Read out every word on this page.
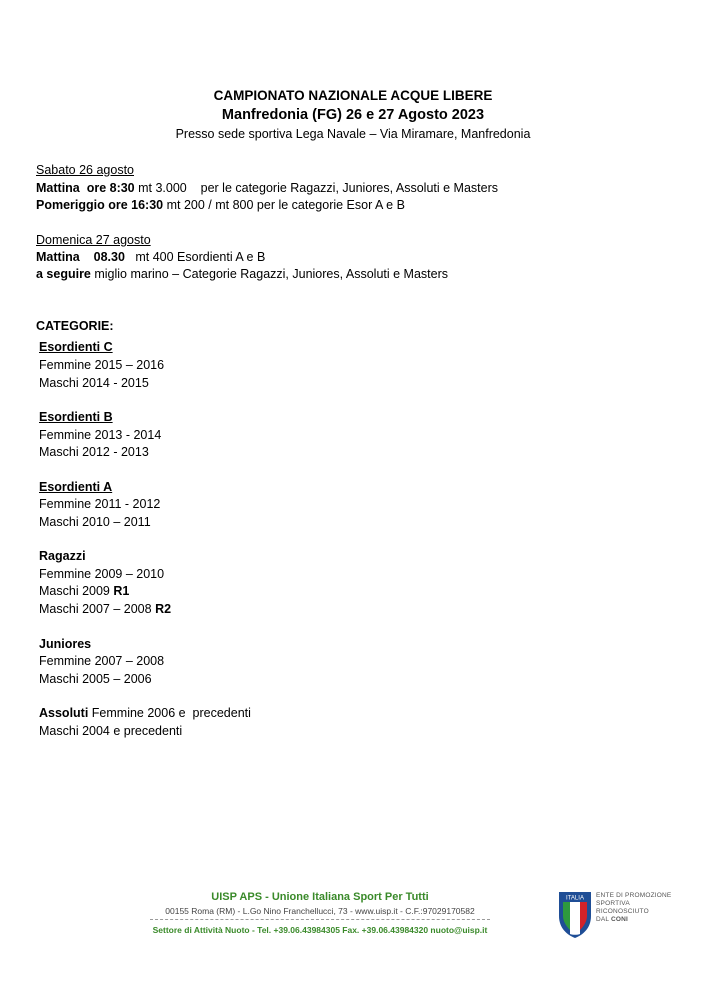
CAMPIONATO NAZIONALE ACQUE LIBERE
Manfredonia (FG) 26 e 27 Agosto 2023
Presso sede sportiva Lega Navale – Via Miramare, Manfredonia
Sabato 26 agosto
Mattina  ore 8:30 mt 3.000    per le categorie Ragazzi, Juniores, Assoluti e Masters
Pomeriggio ore 16:30 mt 200 / mt 800 per le categorie Esor A e B
Domenica 27 agosto
Mattina    08.30   mt 400 Esordienti A e B
a seguire miglio marino – Categorie Ragazzi, Juniores, Assoluti e Masters
CATEGORIE:
Esordienti C
Femmine 2015 – 2016
Maschi 2014 - 2015
Esordienti B
Femmine 2013 - 2014
Maschi 2012 - 2013
Esordienti A
Femmine 2011 - 2012
Maschi 2010 – 2011
Ragazzi
Femmine 2009 – 2010
Maschi 2009 R1
Maschi 2007 – 2008 R2
Juniores
Femmine 2007 – 2008
Maschi 2005 – 2006
Assoluti Femmine 2006 e  precedenti
Maschi 2004 e precedenti
UISP APS - Unione Italiana Sport Per Tutti
00155 Roma (RM) - L.Go Nino Franchellucci, 73 - www.uisp.it - C.F.:97029170582
Settore di Attività Nuoto - Tel. +39.06.43984305 Fax. +39.06.43984320 nuoto@uisp.it
ITALIA ENTE DI PROMOZIONE
SPORTIVA
RICONOSCIUTO
DAL CONI
